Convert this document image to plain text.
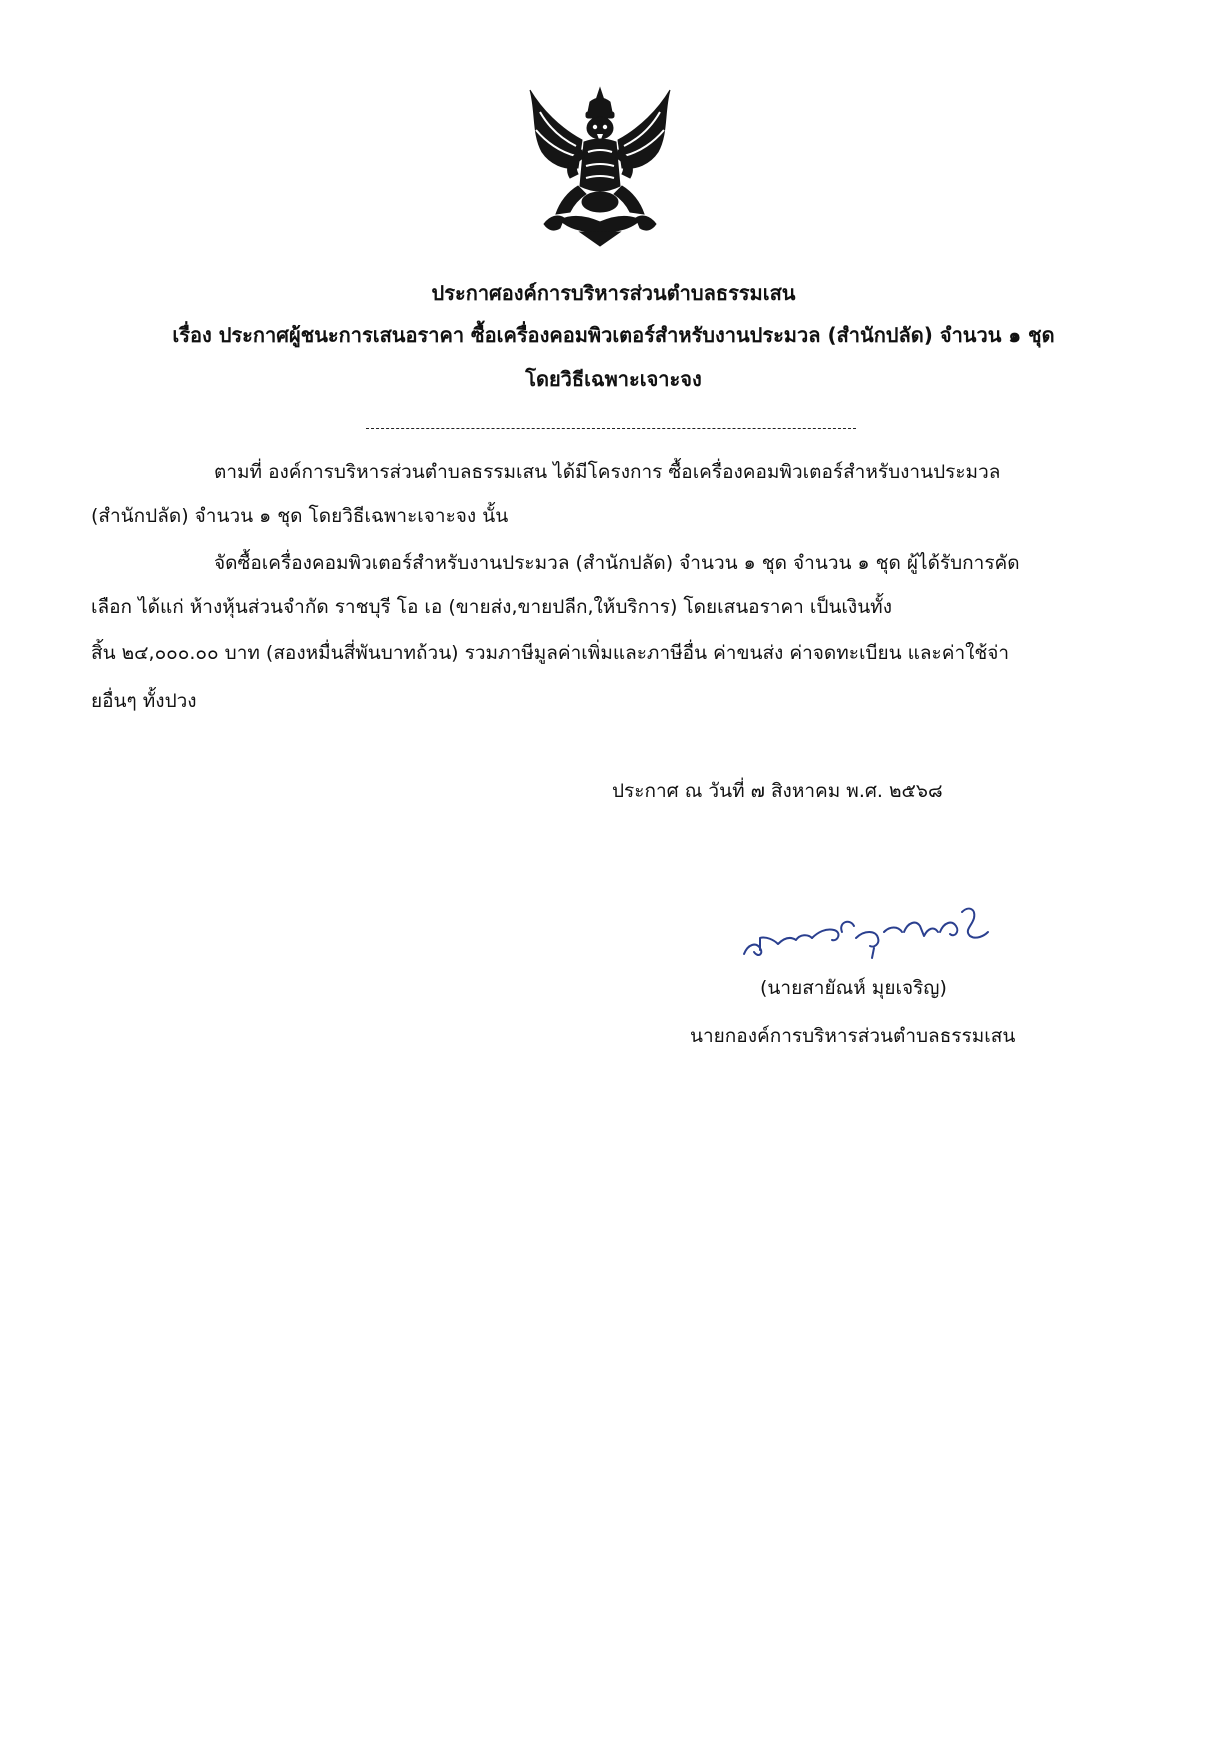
ประกาศองค์การบริหารส่วนตำบลธรรมเสน
เรื่อง ประกาศผู้ชนะการเสนอราคา ซื้อเครื่องคอมพิวเตอร์สำหรับงานประมวล (สำนักปลัด) จำนวน ๑ ชุด
โดยวิธีเฉพาะเจาะจง
ตามที่ องค์การบริหารส่วนตำบลธรรมเสน ได้มีโครงการ ซื้อเครื่องคอมพิวเตอร์สำหรับงานประมวล
(สำนักปลัด) จำนวน ๑ ชุด โดยวิธีเฉพาะเจาะจง นั้น
จัดซื้อเครื่องคอมพิวเตอร์สำหรับงานประมวล (สำนักปลัด) จำนวน ๑ ชุด จำนวน ๑ ชุด ผู้ได้รับการคัด
เลือก ได้แก่ ห้างหุ้นส่วนจำกัด ราชบุรี โอ เอ (ขายส่ง,ขายปลีก,ให้บริการ) โดยเสนอราคา เป็นเงินทั้ง
สิ้น ๒๔,๐๐๐.๐๐ บาท (สองหมื่นสี่พันบาทถ้วน) รวมภาษีมูลค่าเพิ่มและภาษีอื่น ค่าขนส่ง ค่าจดทะเบียน และค่าใช้จ่า
ยอื่นๆ ทั้งปวง
ประกาศ ณ วันที่ ๗ สิงหาคม พ.ศ. ๒๕๖๘
(นายสายัณห์ มุยเจริญ)
นายกองค์การบริหารส่วนตำบลธรรมเสน
